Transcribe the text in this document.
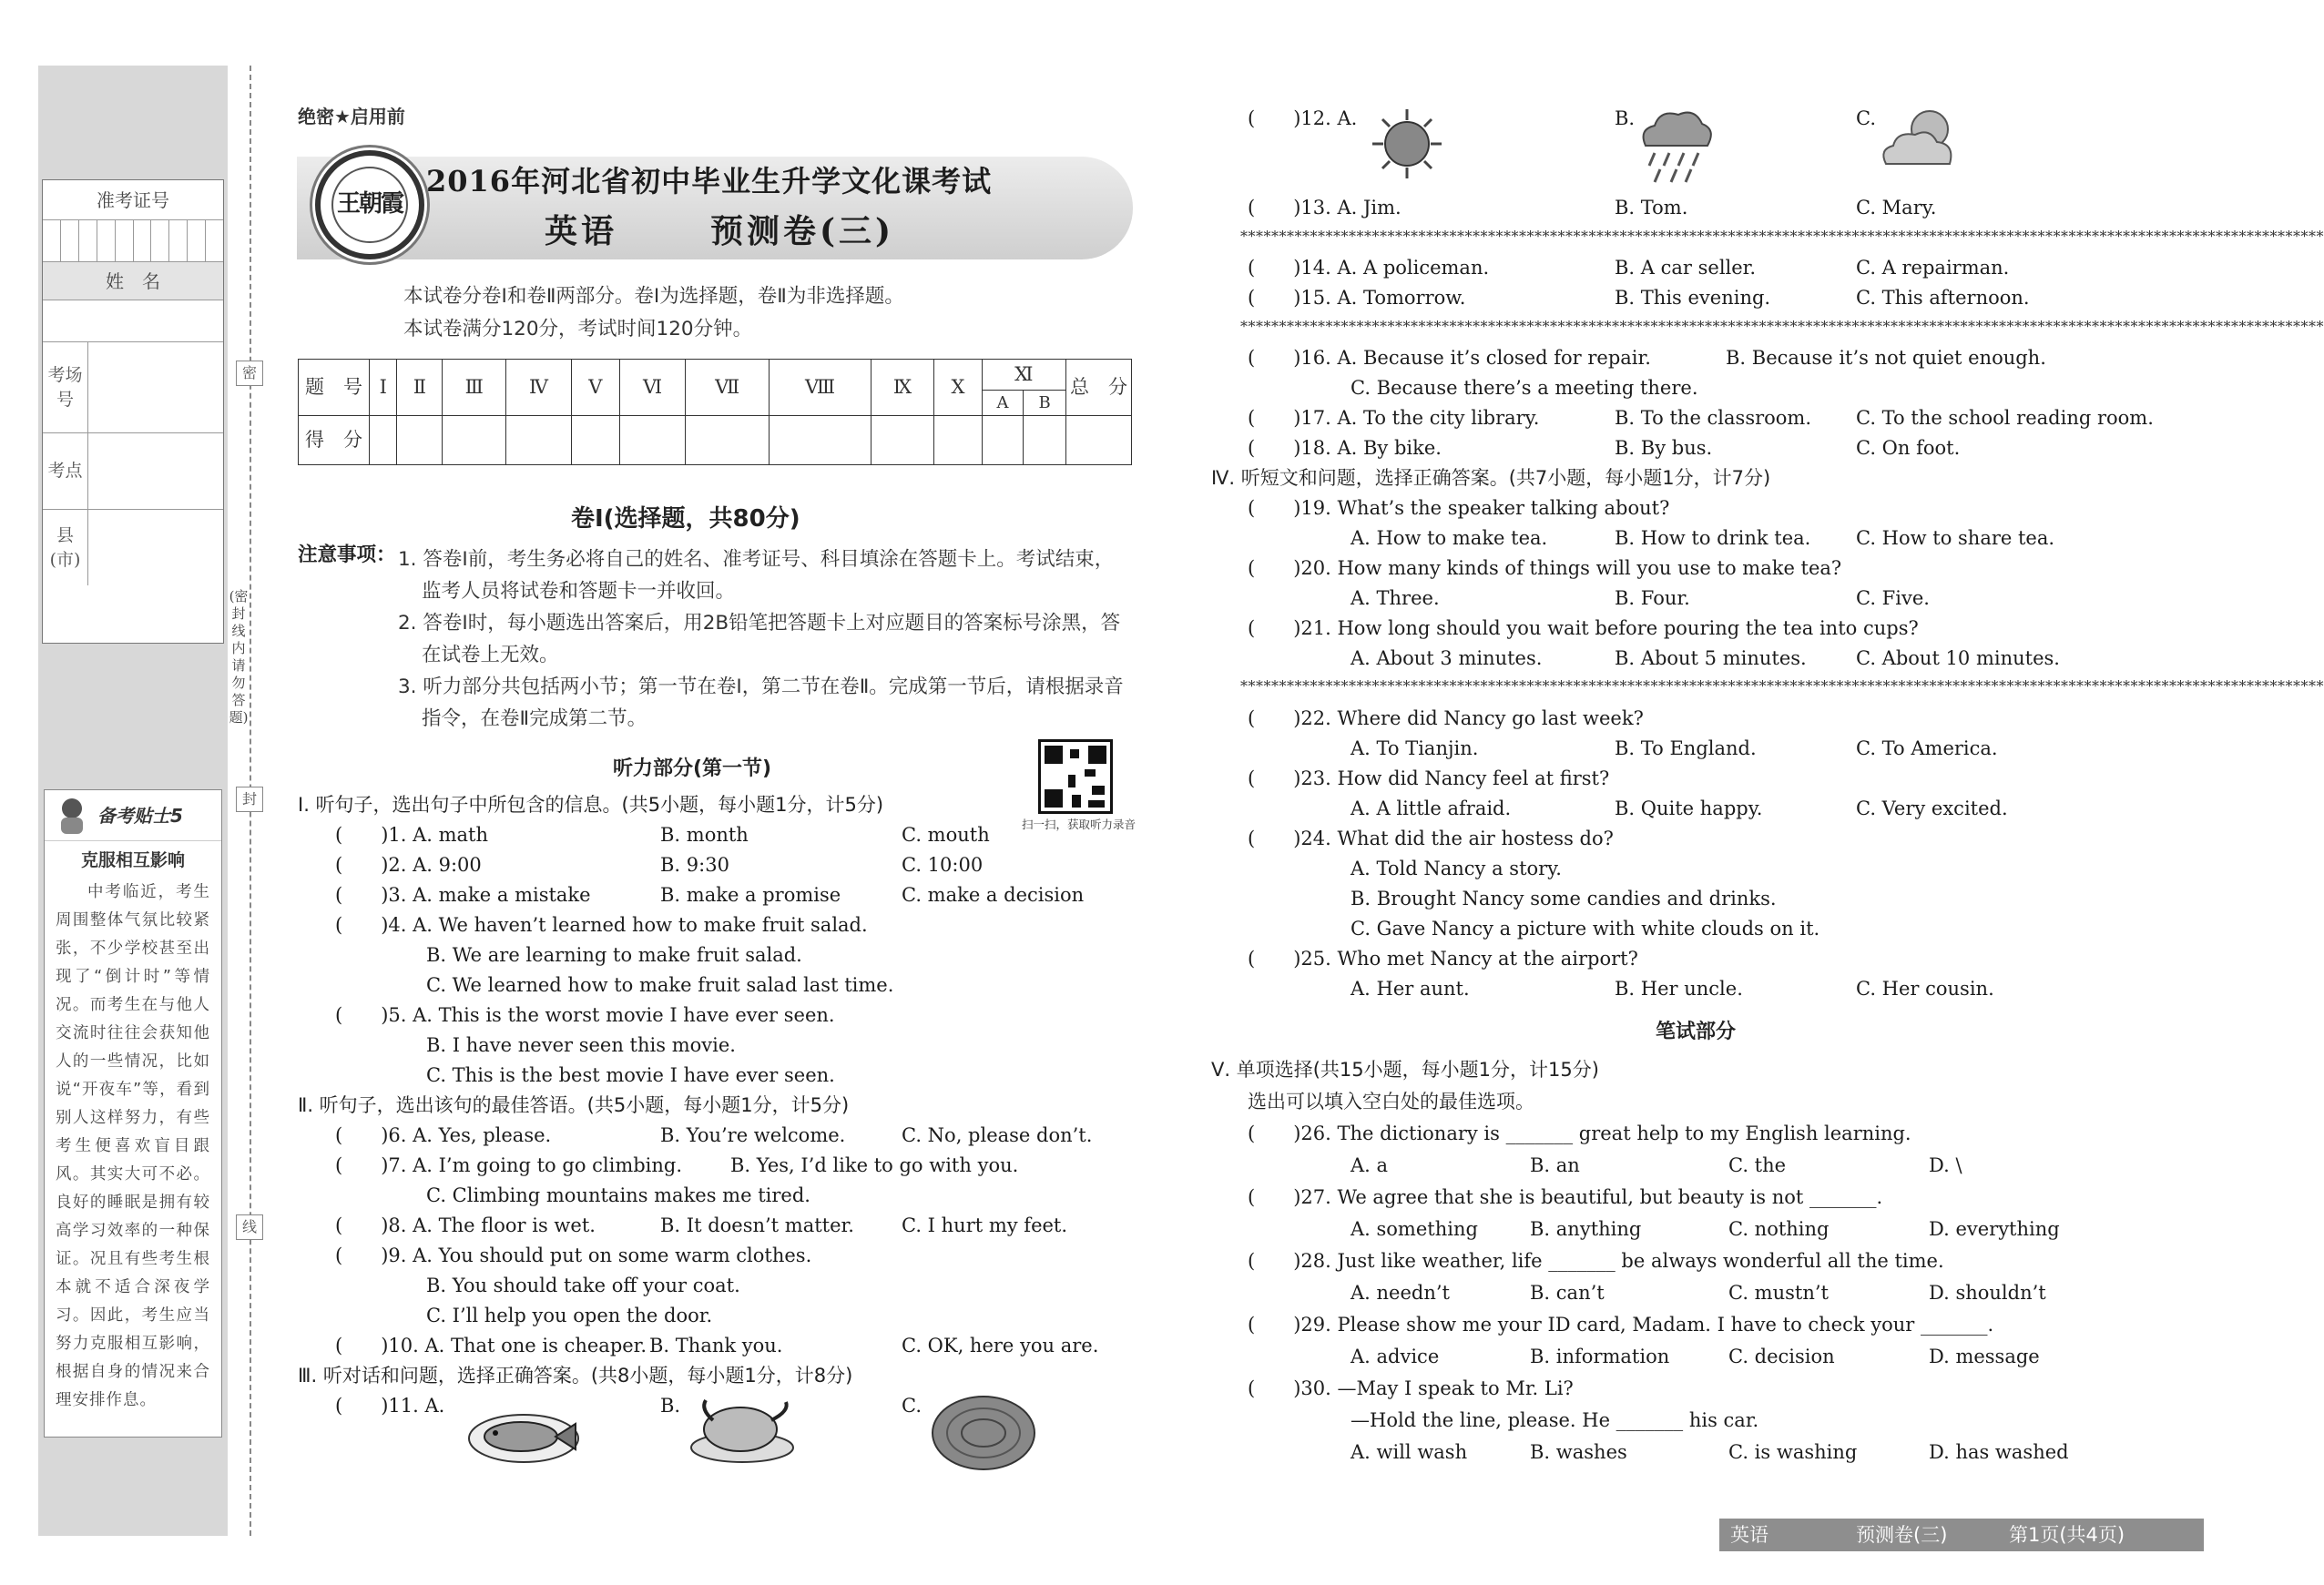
准考证号
姓　名
考场号
考点
县(市)
备考贴士5
克服相互影响
中考临近，考生周围整体气氛比较紧张，不少学校甚至出现了“倒计时”等情况。而考生在与他人交流时往往会获知他人的一些情况，比如说“开夜车”等，看到别人这样努力，有些考生便喜欢盲目跟风。其实大可不必。良好的睡眠是拥有较高学习效率的一种保证。况且有些考生根本就不适合深夜学习。因此，考生应当努力克服相互影响，根据自身的情况来合理安排作息。
密
封
线
(密封线内请勿答题)
绝密★启用前
王朝霞
2016年河北省初中毕业生升学文化课考试
英语	预测卷(三)
本试卷分卷Ⅰ和卷Ⅱ两部分。卷Ⅰ为选择题，卷Ⅱ为非选择题。
本试卷满分120分，考试时间120分钟。
题　号	Ⅰ	Ⅱ	Ⅲ	Ⅳ	Ⅴ	Ⅵ	Ⅶ	Ⅷ	Ⅸ	Ⅹ	Ⅺ		总　分
											A	B	
得　分													
卷Ⅰ(选择题，共80分)
注意事项： 1. 答卷Ⅰ前，考生务必将自己的姓名、准考证号、科目填涂在答题卡上。考试结束，监考人员将试卷和答题卡一并收回。
2. 答卷Ⅰ时，每小题选出答案后，用2B铅笔把答题卡上对应题目的答案标号涂黑，答在试卷上无效。
3. 听力部分共包括两小节；第一节在卷Ⅰ，第二节在卷Ⅱ。完成第一节后，请根据录音指令，在卷Ⅱ完成第二节。
听力部分(第一节)
扫一扫，获取听力录音
Ⅰ. 听句子，选出句子中所包含的信息。(共5小题，每小题1分，计5分)
(　　)1. A. math	B. month	C. mouth
(　　)2. A. 9:00	B. 9:30	C. 10:00
(　　)3. A. make a mistake	B. make a promise	C. make a decision
(　　)4. A. We haven’t learned how to make fruit salad.
B. We are learning to make fruit salad.
C. We learned how to make fruit salad last time.
(　　)5. A. This is the worst movie I have ever seen.
B. I have never seen this movie.
C. This is the best movie I have ever seen.
Ⅱ. 听句子，选出该句的最佳答语。(共5小题，每小题1分，计5分)
(　　)6. A. Yes, please.	B. You’re welcome.	C. No, please don’t.
(　　)7. A. I’m going to go climbing.	B. Yes, I’d like to go with you.
C. Climbing mountains makes me tired.
(　　)8. A. The floor is wet.	B. It doesn’t matter. C. I hurt my feet.
(　　)9. A. You should put on some warm clothes.
B. You should take off your coat.
C. I’ll help you open the door.
(　　)10. A. That one is cheaper. B. Thank you.	C. OK, here you are.
Ⅲ. 听对话和问题，选择正确答案。(共8小题，每小题1分，计8分)
(　　)11. A.	B.	C.
(　　)12. A.	B.	C.
(　　)13. A. Jim.	B. Tom.	C. Mary.
(　　)14. A. A policeman.	B. A car seller.	C. A repairman.
(　　)15. A. Tomorrow.	B. This evening.	C. This afternoon.
(　　)16. A. Because it’s closed for repair.	B. Because it’s not quiet enough.
C. Because there’s a meeting there.
(　　)17. A. To the city library.	B. To the classroom. C. To the school reading room.
(　　)18. A. By bike.	B. By bus.	C. On foot.
Ⅳ. 听短文和问题，选择正确答案。(共7小题，每小题1分，计7分)
(　　)19. What’s the speaker talking about?
A. How to make tea.	B. How to drink tea. C. How to share tea.
(　　)20. How many kinds of things will you use to make tea?
A. Three.	B. Four.	C. Five.
(　　)21. How long should you wait before pouring the tea into cups?
A. About 3 minutes.	B. About 5 minutes.	C. About 10 minutes.
(　　)22. Where did Nancy go last week?
A. To Tianjin.	B. To England.	C. To America.
(　　)23. How did Nancy feel at first?
A. A little afraid.	B. Quite happy.	C. Very excited.
(　　)24. What did the air hostess do?
A. Told Nancy a story.
B. Brought Nancy some candies and drinks.
C. Gave Nancy a picture with white clouds on it.
(　　)25. Who met Nancy at the airport?
A. Her aunt.	B. Her uncle.	C. Her cousin.
Ⅴ. 单项选择(共15小题，每小题1分，计15分)
选出可以填入空白处的最佳选项。
(　　)26. The dictionary is _______ great help to my English learning.
A. a	B. an	C. the	D. \
(　　)27. We agree that she is beautiful, but beauty is not _______.
A. something	B. anything	C. nothing	D. everything
(　　)28. Just like weather, life _______ be always wonderful all the time.
A. needn’t	B. can’t	C. mustn’t	D. shouldn’t
(　　)29. Please show me your ID card, Madam. I have to check your _______.
A. advice	B. information	C. decision	D. message
(　　)30. —May I speak to Mr. Li?
—Hold the line, please. He _______ his car.
A. will wash	B. washes	C. is washing	D. has washed
********************************************************************************************************************************************
********************************************************************************************************************************************
********************************************************************************************************************************************
笔试部分
英语	预测卷(三)	第1页(共4页)
